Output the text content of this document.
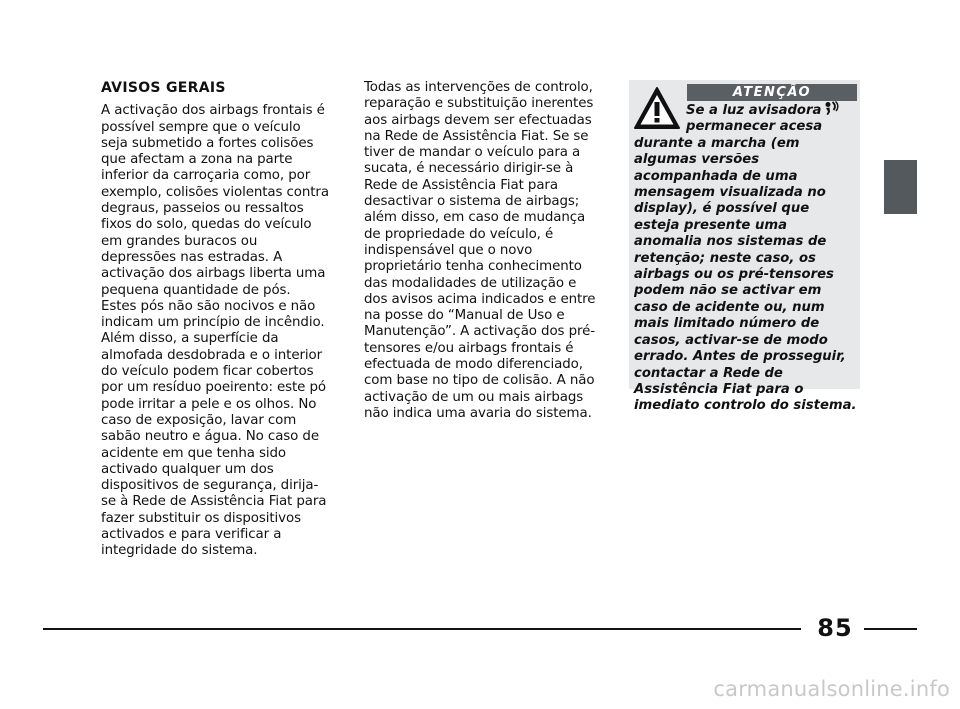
AVISOS GERAIS

A activação dos airbags frontais é possível sempre que o veículo seja submetido a fortes colisões que afectam a zona na parte inferior da carroçaria como, por exemplo, colisões violentas contra degraus, passeios ou ressaltos fixos do solo, quedas do veículo em grandes buracos ou depressões nas estradas. A activação dos airbags liberta uma pequena quantidade de pós. Estes pós não são nocivos e não indicam um princípio de incêndio. Além disso, a superfície da almofada desdobrada e o interior do veículo podem ficar cobertos por um resíduo poeirento: este pó pode irritar a pele e os olhos. No caso de exposição, lavar com sabão neutro e água. No caso de acidente em que tenha sido activado qualquer um dos dispositivos de segurança, dirija-se à Rede de Assistência Fiat para fazer substituir os dispositivos activados e para verificar a integridade do sistema.

Todas as intervenções de controlo, reparação e substituição inerentes aos airbags devem ser efectuadas na Rede de Assistência Fiat. Se se tiver de mandar o veículo para a sucata, é necessário dirigir-se à Rede de Assistência Fiat para desactivar o sistema de airbags; além disso, em caso de mudança de propriedade do veículo, é indispensável que o novo proprietário tenha conhecimento das modalidades de utilização e dos avisos acima indicados e entre na posse do “Manual de Uso e Manutenção”. A activação dos pré-tensores e/ou airbags frontais é efectuada de modo diferenciado, com base no tipo de colisão. A não activação de um ou mais airbags não indica uma avaria do sistema.

ATENÇÃO
Se a luz avisadora
permanecer acesa
durante a marcha (em algumas versões acompanhada de uma mensagem visualizada no display), é possível que esteja presente uma anomalia nos sistemas de retenção; neste caso, os airbags ou os pré-tensores podem não se activar em caso de acidente ou, num mais limitado número de casos, activar-se de modo errado. Antes de prosseguir, contactar a Rede de Assistência Fiat para o imediato controlo do sistema.
85
carmanualsonline.info
